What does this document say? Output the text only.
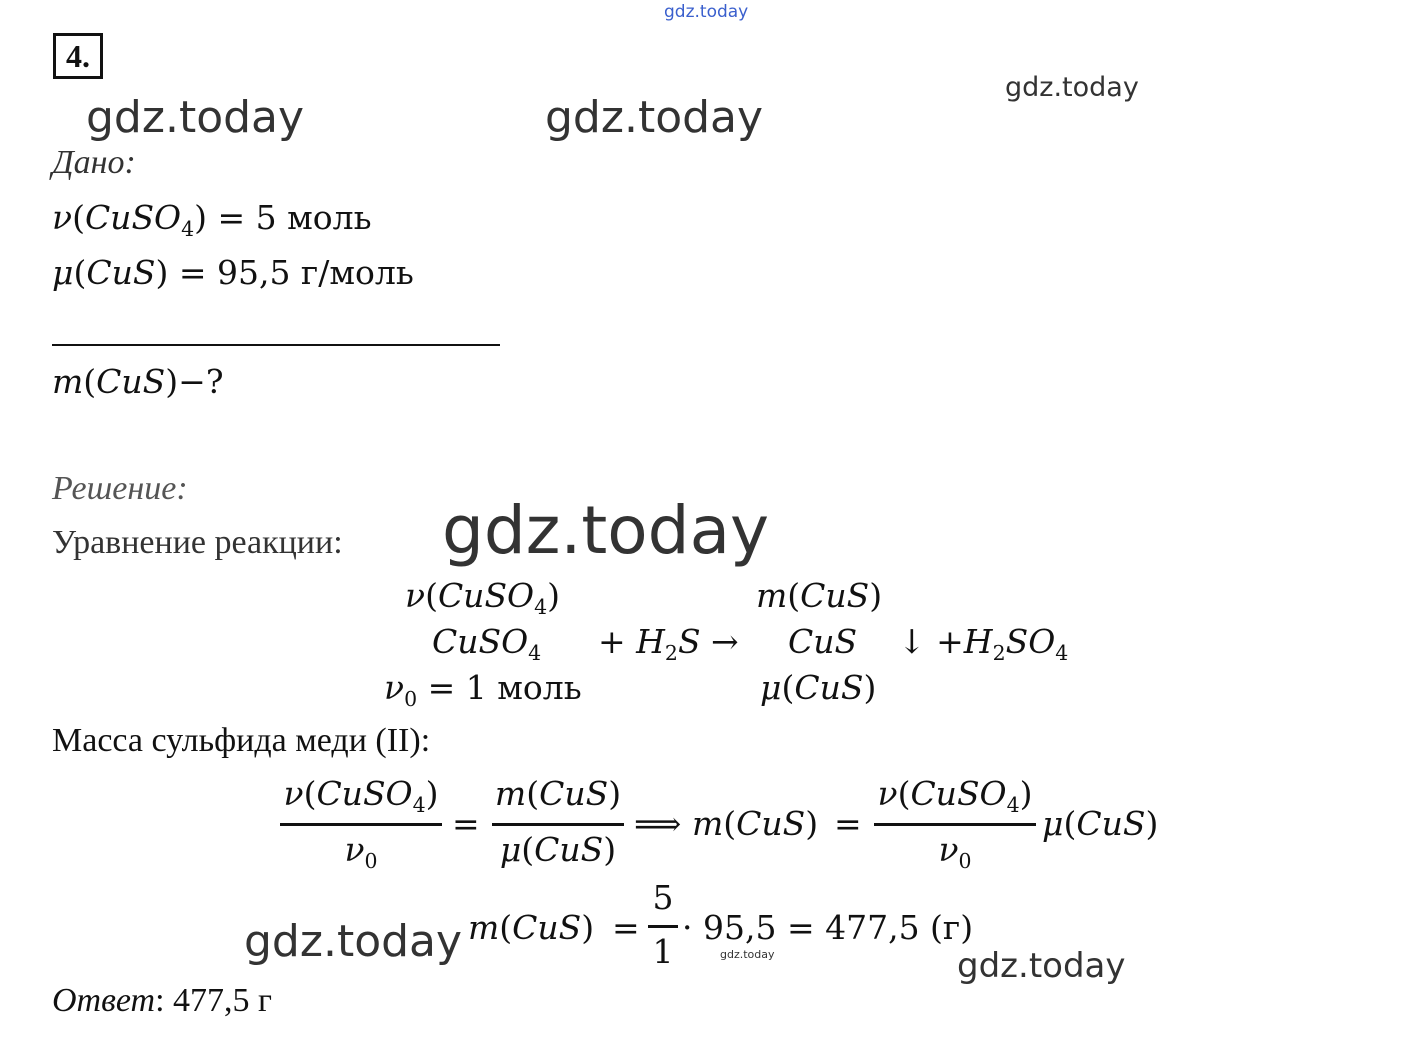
4.
gdz.today
gdz.today
gdz.today	gdz.today
gdz.today
gdz.today	gdz.today	gdz.today
Дано:
ν(CuSO$_4$) = 5 моль
μ(CuS) = 95,5 г/моль
m(CuS)−?
Решение:
Уравнение реакции:
ν(CuSO$_4$)	m(CuS)
CuSO$_4$ + $H_2S$ → CuS ↓ $+H_2SO_4$
$\nu_0 = 1$ моль	μ(CuS)
Масса сульфида меди (II):
ν(CuSO$_4$)
$\nu_0$
=
m(CuS)
μ(CuS)
⟹ m(CuS) =
ν(CuSO$_4$)
$\nu_0$
μ(CuS)
m(CuS) =
5
1
· 95,5 = 477,5 (г)
Ответ: 477,5 г
